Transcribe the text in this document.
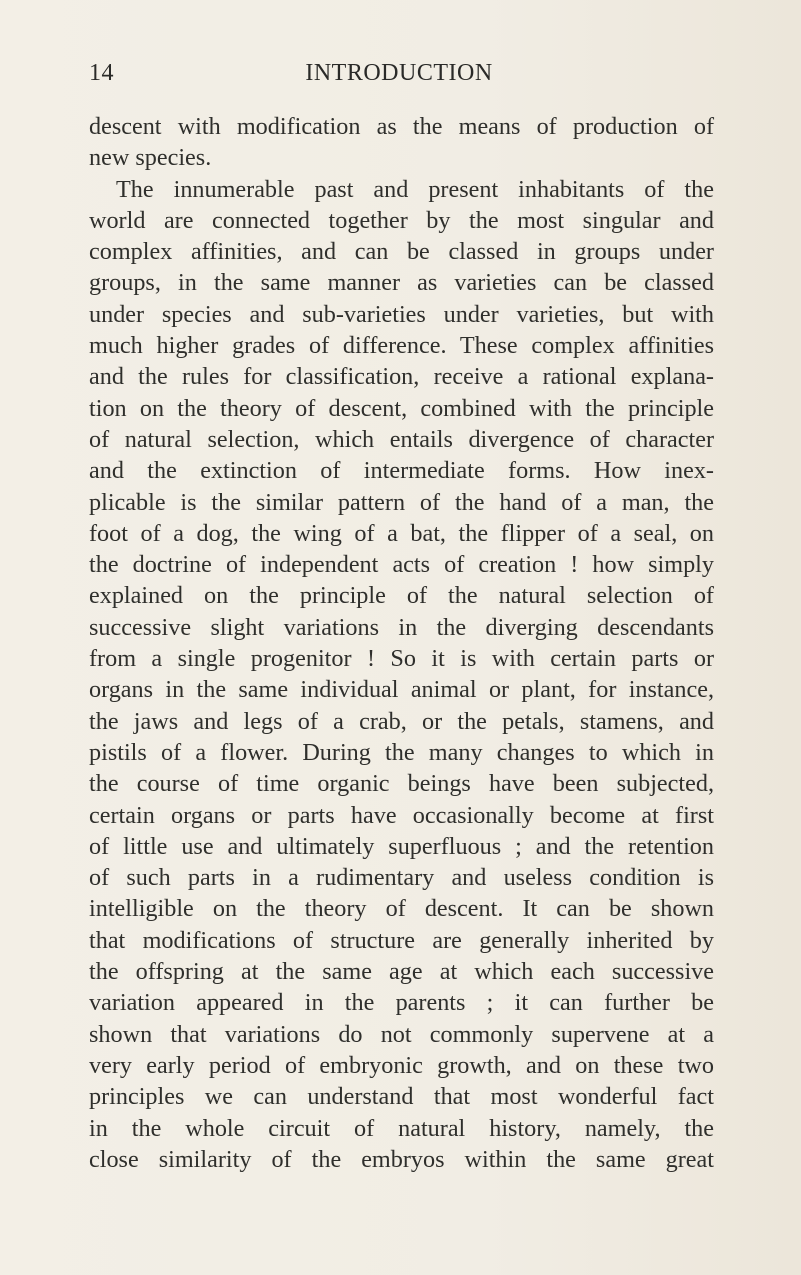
14	INTRODUCTION
descent with modification as the means of production of
new species.
The innumerable past and present inhabitants of the
world are connected together by the most singular and
complex affinities, and can be classed in groups under
groups, in the same manner as varieties can be classed
under species and sub-varieties under varieties, but with
much higher grades of difference. These complex affinities
and the rules for classification, receive a rational explana-
tion on the theory of descent, combined with the principle
of natural selection, which entails divergence of character
and the extinction of intermediate forms. How inex-
plicable is the similar pattern of the hand of a man, the
foot of a dog, the wing of a bat, the flipper of a seal, on
the doctrine of independent acts of creation ! how simply
explained on the principle of the natural selection of
successive slight variations in the diverging descendants
from a single progenitor ! So it is with certain parts or
organs in the same individual animal or plant, for instance,
the jaws and legs of a crab, or the petals, stamens, and
pistils of a flower. During the many changes to which in
the course of time organic beings have been subjected,
certain organs or parts have occasionally become at first
of little use and ultimately superfluous ; and the retention
of such parts in a rudimentary and useless condition is
intelligible on the theory of descent. It can be shown
that modifications of structure are generally inherited by
the offspring at the same age at which each successive
variation appeared in the parents ; it can further be
shown that variations do not commonly supervene at a
very early period of embryonic growth, and on these two
principles we can understand that most wonderful fact
in the whole circuit of natural history, namely, the
close similarity of the embryos within the same great
